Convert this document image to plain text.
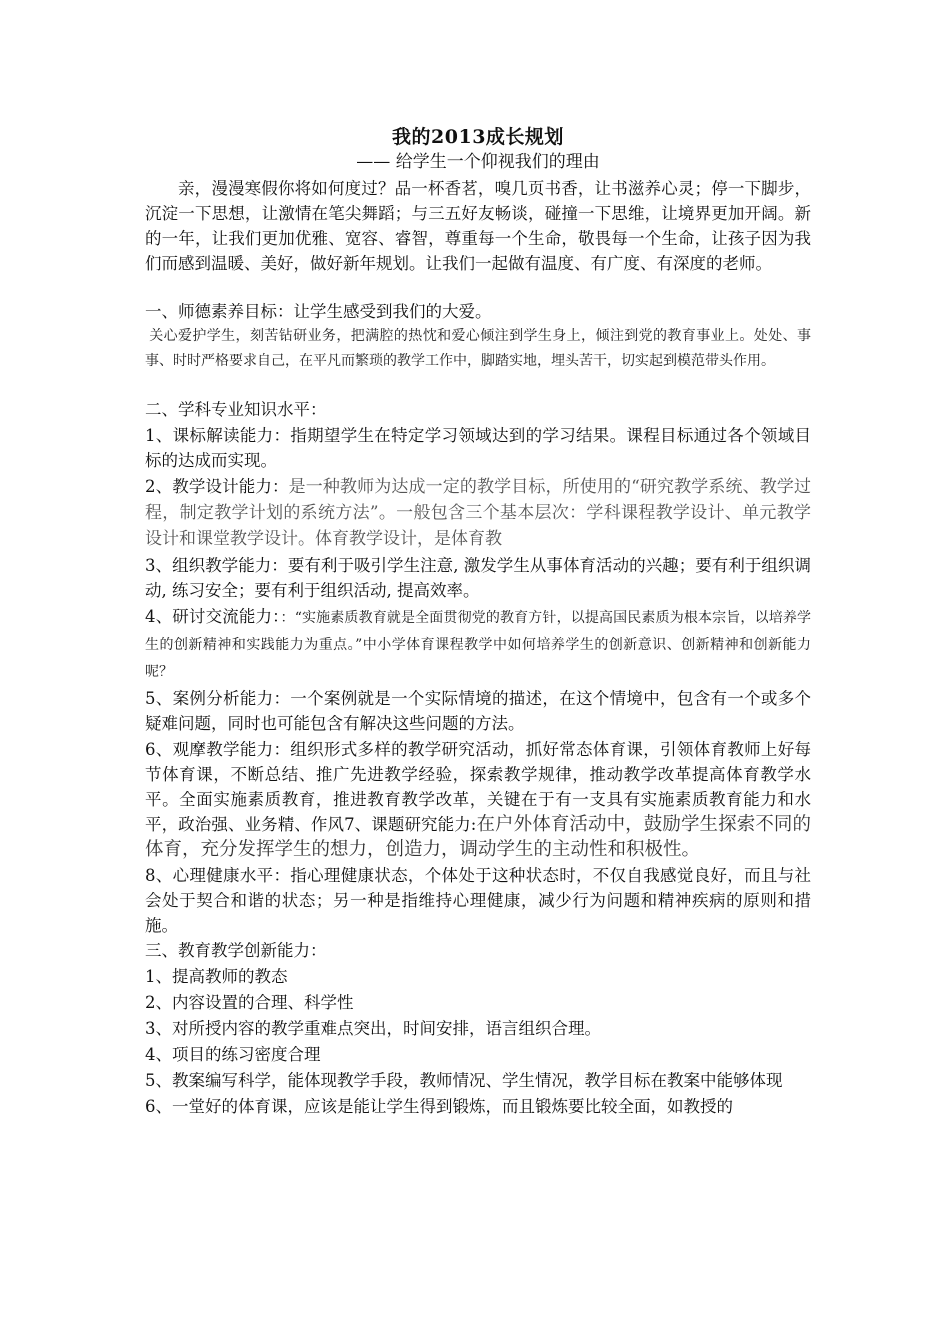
我的2013成长规划
—— 给学生一个仰视我们的理由

亲，漫漫寒假你将如何度过？品一杯香茗，嗅几页书香，让书滋养心灵；停一下脚步，沉淀一下思想，让激情在笔尖舞蹈；与三五好友畅谈，碰撞一下思维，让境界更加开阔。新的一年，让我们更加优雅、宽容、睿智，尊重每一个生命，敬畏每一个生命，让孩子因为我们而感到温暖、美好，做好新年规划。让我们一起做有温度、有广度、有深度的老师。

一、师德素养目标：让学生感受到我们的大爱。

关心爱护学生，刻苦钻研业务，把满腔的热忱和爱心倾注到学生身上，倾注到党的教育事业上。处处、事事、时时严格要求自己，在平凡而繁琐的教学工作中，脚踏实地，埋头苦干，切实起到模范带头作用。

二、学科专业知识水平：

1、课标解读能力：指期望学生在特定学习领域达到的学习结果。课程目标通过各个领域目标的达成而实现。

2、教学设计能力：是一种教师为达成一定的教学目标，所使用的“研究教学系统、教学过程，制定教学计划的系统方法”。一般包含三个基本层次：学科课程教学设计、单元教学设计和课堂教学设计。体育教学设计，是体育教

3、组织教学能力：要有利于吸引学生注意, 激发学生从事体育活动的兴趣；要有利于组织调动, 练习安全；要有利于组织活动, 提高效率。

4、研讨交流能力：：“实施素质教育就是全面贯彻党的教育方针，以提高国民素质为根本宗旨，以培养学生的创新精神和实践能力为重点。”中小学体育课程教学中如何培养学生的创新意识、创新精神和创新能力呢？

5、案例分析能力：一个案例就是一个实际情境的描述，在这个情境中，包含有一个或多个疑难问题，同时也可能包含有解决这些问题的方法。

6、观摩教学能力：组织形式多样的教学研究活动，抓好常态体育课，引领体育教师上好每节体育课，不断总结、推广先进教学经验，探索教学规律，推动教学改革提高体育教学水平。全面实施素质教育，推进教育教学改革，关键在于有一支具有实施素质教育能力和水平，政治强、业务精、作风7、课题研究能力:在户外体育活动中，鼓励学生探索不同的体育，充分发挥学生的想力，创造力，调动学生的主动性和积极性。

8、心理健康水平：指心理健康状态，个体处于这种状态时，不仅自我感觉良好，而且与社会处于契合和谐的状态；另一种是指维持心理健康，减少行为问题和精神疾病的原则和措施。

三、教育教学创新能力：

1、提高教师的教态

2、内容设置的合理、科学性

3、对所授内容的教学重难点突出，时间安排，语言组织合理。

4、项目的练习密度合理

5、教案编写科学，能体现教学手段，教师情况、学生情况，教学目标在教案中能够体现

6、一堂好的体育课，应该是能让学生得到锻炼，而且锻炼要比较全面，如教授的
